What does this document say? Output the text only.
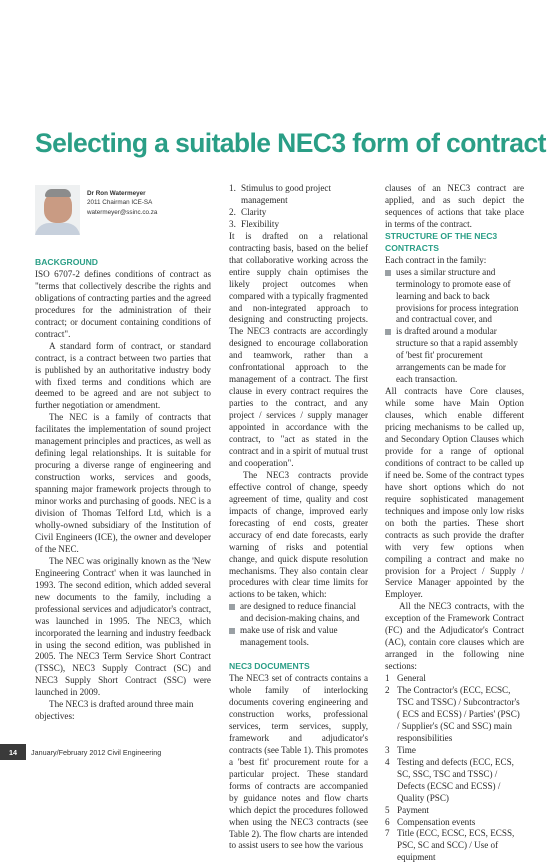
Selecting a suitable NEC3 form of contract
Dr Ron Watermeyer
2011 Chairman ICE-SA
watermeyer@ssinc.co.za
BACKGROUND

ISO 6707-2 defines conditions of contract as "terms that collectively describe the rights and obligations of contracting parties and the agreed procedures for the administration of their contract; or document containing conditions of contract".

A standard form of contract, or standard contract, is a contract between two parties that is published by an authoritative industry body with fixed terms and conditions which are deemed to be agreed and are not subject to further negotiation or amendment.

The NEC is a family of contracts that facilitates the implementation of sound project management principles and practices, as well as defining legal relationships. It is suitable for procuring a diverse range of engineering and construction works, services and goods, spanning major framework projects through to minor works and purchasing of goods. NEC is a division of Thomas Telford Ltd, which is a wholly-owned subsidiary of the Institution of Civil Engineers (ICE), the owner and developer of the NEC.

The NEC was originally known as the 'New Engineering Contract' when it was launched in 1993. The second edition, which added several new documents to the family, including a professional services and adjudicator's contract, was launched in 1995. The NEC3, which incorporated the learning and industry feedback in using the second edition, was published in 2005. The NEC3 Term Service Short Contract (TSSC), NEC3 Supply Contract (SC) and NEC3 Supply Short Contract (SSC) were launched in 2009.

The NEC3 is drafted around three main objectives:

1. Stimulus to good project management
2. Clarity
3. Flexibility

It is drafted on a relational contracting basis, based on the belief that collaborative working across the entire supply chain optimises the likely project outcomes when compared with a typically fragmented and non-integrated approach to designing and constructing projects. The NEC3 contracts are accordingly designed to encourage collaboration and teamwork, rather than a confrontational approach to the management of a contract. The first clause in every contract requires the parties to the contract, and any project / services / supply manager appointed in accordance with the contract, to "act as stated in the contract and in a spirit of mutual trust and cooperation".

The NEC3 contracts provide effective control of change, speedy agreement of time, quality and cost impacts of change, improved early forecasting of end costs, greater accuracy of end date forecasts, early warning of risks and potential change, and quick dispute resolution mechanisms. They also contain clear procedures with clear time limits for actions to be taken, which:

are designed to reduce financial and decision-making chains, and
make use of risk and value management tools.
NEC3 DOCUMENTS

The NEC3 set of contracts contains a whole family of interlocking documents covering engineering and construction works, professional services, term services, supply, framework and adjudicator's contracts (see Table 1). This promotes a 'best fit' procurement route for a particular project. These standard forms of contracts are accompanied by guidance notes and flow charts which depict the procedures followed when using the NEC3 contracts (see Table 2). The flow charts are intended to assist users to see how the various

clauses of an NEC3 contract are applied, and as such depict the sequences of actions that take place in terms of the contract.

STRUCTURE OF THE NEC3 CONTRACTS

Each contract in the family:

uses a similar structure and terminology to promote ease of learning and back to back provisions for process integration and contractual cover, and
is drafted around a modular structure so that a rapid assembly of 'best fit' procurement arrangements can be made for each transaction.

All contracts have Core clauses, while some have Main Option clauses, which enable different pricing mechanisms to be called up, and Secondary Option Clauses which provide for a range of optional conditions of contract to be called up if need be. Some of the contract types have short options which do not require sophisticated management techniques and impose only low risks on both the parties. These short contracts as such provide the drafter with very few options when compiling a contract and make no provision for a Project / Supply / Service Manager appointed by the Employer.

All the NEC3 contracts, with the exception of the Framework Contract (FC) and the Adjudicator's Contract (AC), contain core clauses which are arranged in the following nine sections:

1 General
2 The Contractor's (ECC, ECSC, TSC and TSSC) / Subcontractor's ( ECS and ECSS) / Parties' (PSC) / Supplier's (SC and SSC) main responsibilities
3 Time
4 Testing and defects (ECC, ECS, SC, SSC, TSC and TSSC) / Defects (ECSC and ECSS) / Quality (PSC)
5 Payment
6 Compensation events
7 Title (ECC, ECSC, ECS, ECSS, PSC, SC and SCC) / Use of equipment
14	January/February 2012 Civil Engineering
